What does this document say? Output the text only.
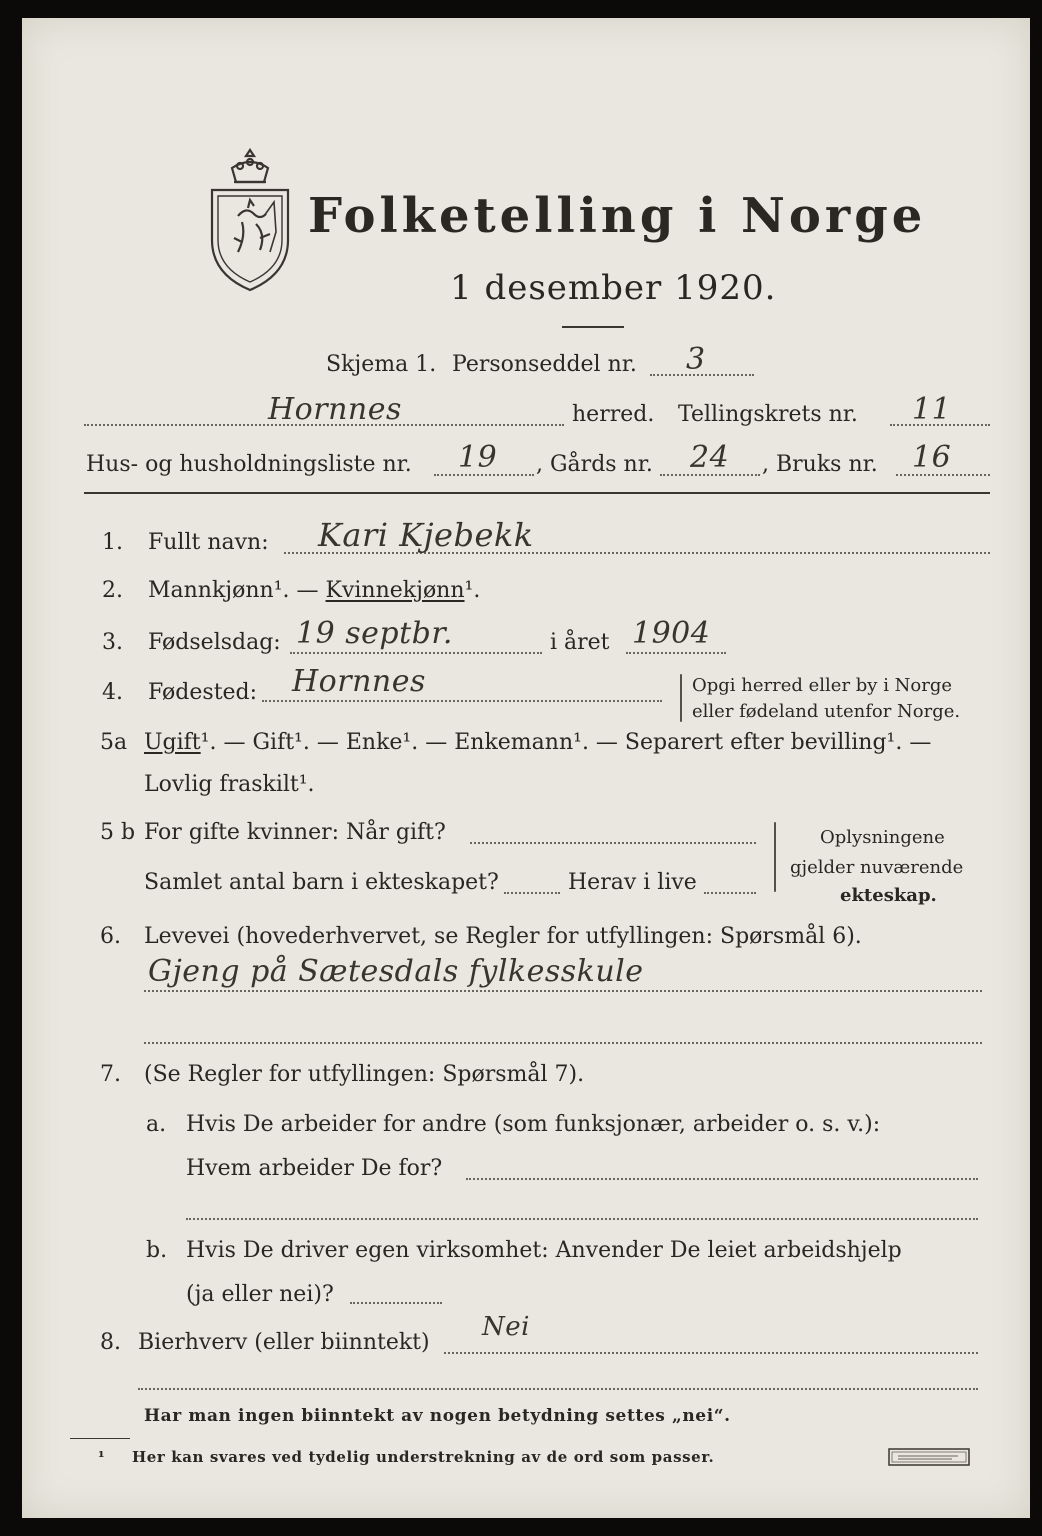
Folketelling i Norge
1 desember 1920.
Skjema 1. Personseddel nr. 3
Hornnes	herred. Tellingskrets nr. 11
Hus- og husholdningsliste nr. 19 , Gårds nr. 24 , Bruks nr. 16
1. Fullt navn: Kari Kjebekk
2. Mannkjønn¹. — Kvinnekjønn¹.
3. Fødselsdag: 19 septbr.	i året 1904
4. Fødested: Hornnes	Opgi herred eller by i Norge
eller fødeland utenfor Norge.
5a Ugift¹. — Gift¹. — Enke¹. — Enkemann¹. — Separert efter bevilling¹. —
Lovlig fraskilt¹.
5 b For gifte kvinner: Når gift?
Samlet antal barn i ekteskapet?	Herav i live
Oplysningene
gjelder nuværende
ekteskap.
6. Levevei (hovederhvervet, se Regler for utfyllingen: Spørsmål 6).
Gjeng på Sætesdals fylkesskule
7. (Se Regler for utfyllingen: Spørsmål 7).
a. Hvis De arbeider for andre (som funksjonær, arbeider o. s. v.):
Hvem arbeider De for?
b. Hvis De driver egen virksomhet: Anvender De leiet arbeidshjelp
(ja eller nei)?
8. Bierhverv (eller biinntekt)
Nei
Har man ingen biinntekt av nogen betydning settes „nei“.
¹ Her kan svares ved tydelig understrekning av de ord som passer.
